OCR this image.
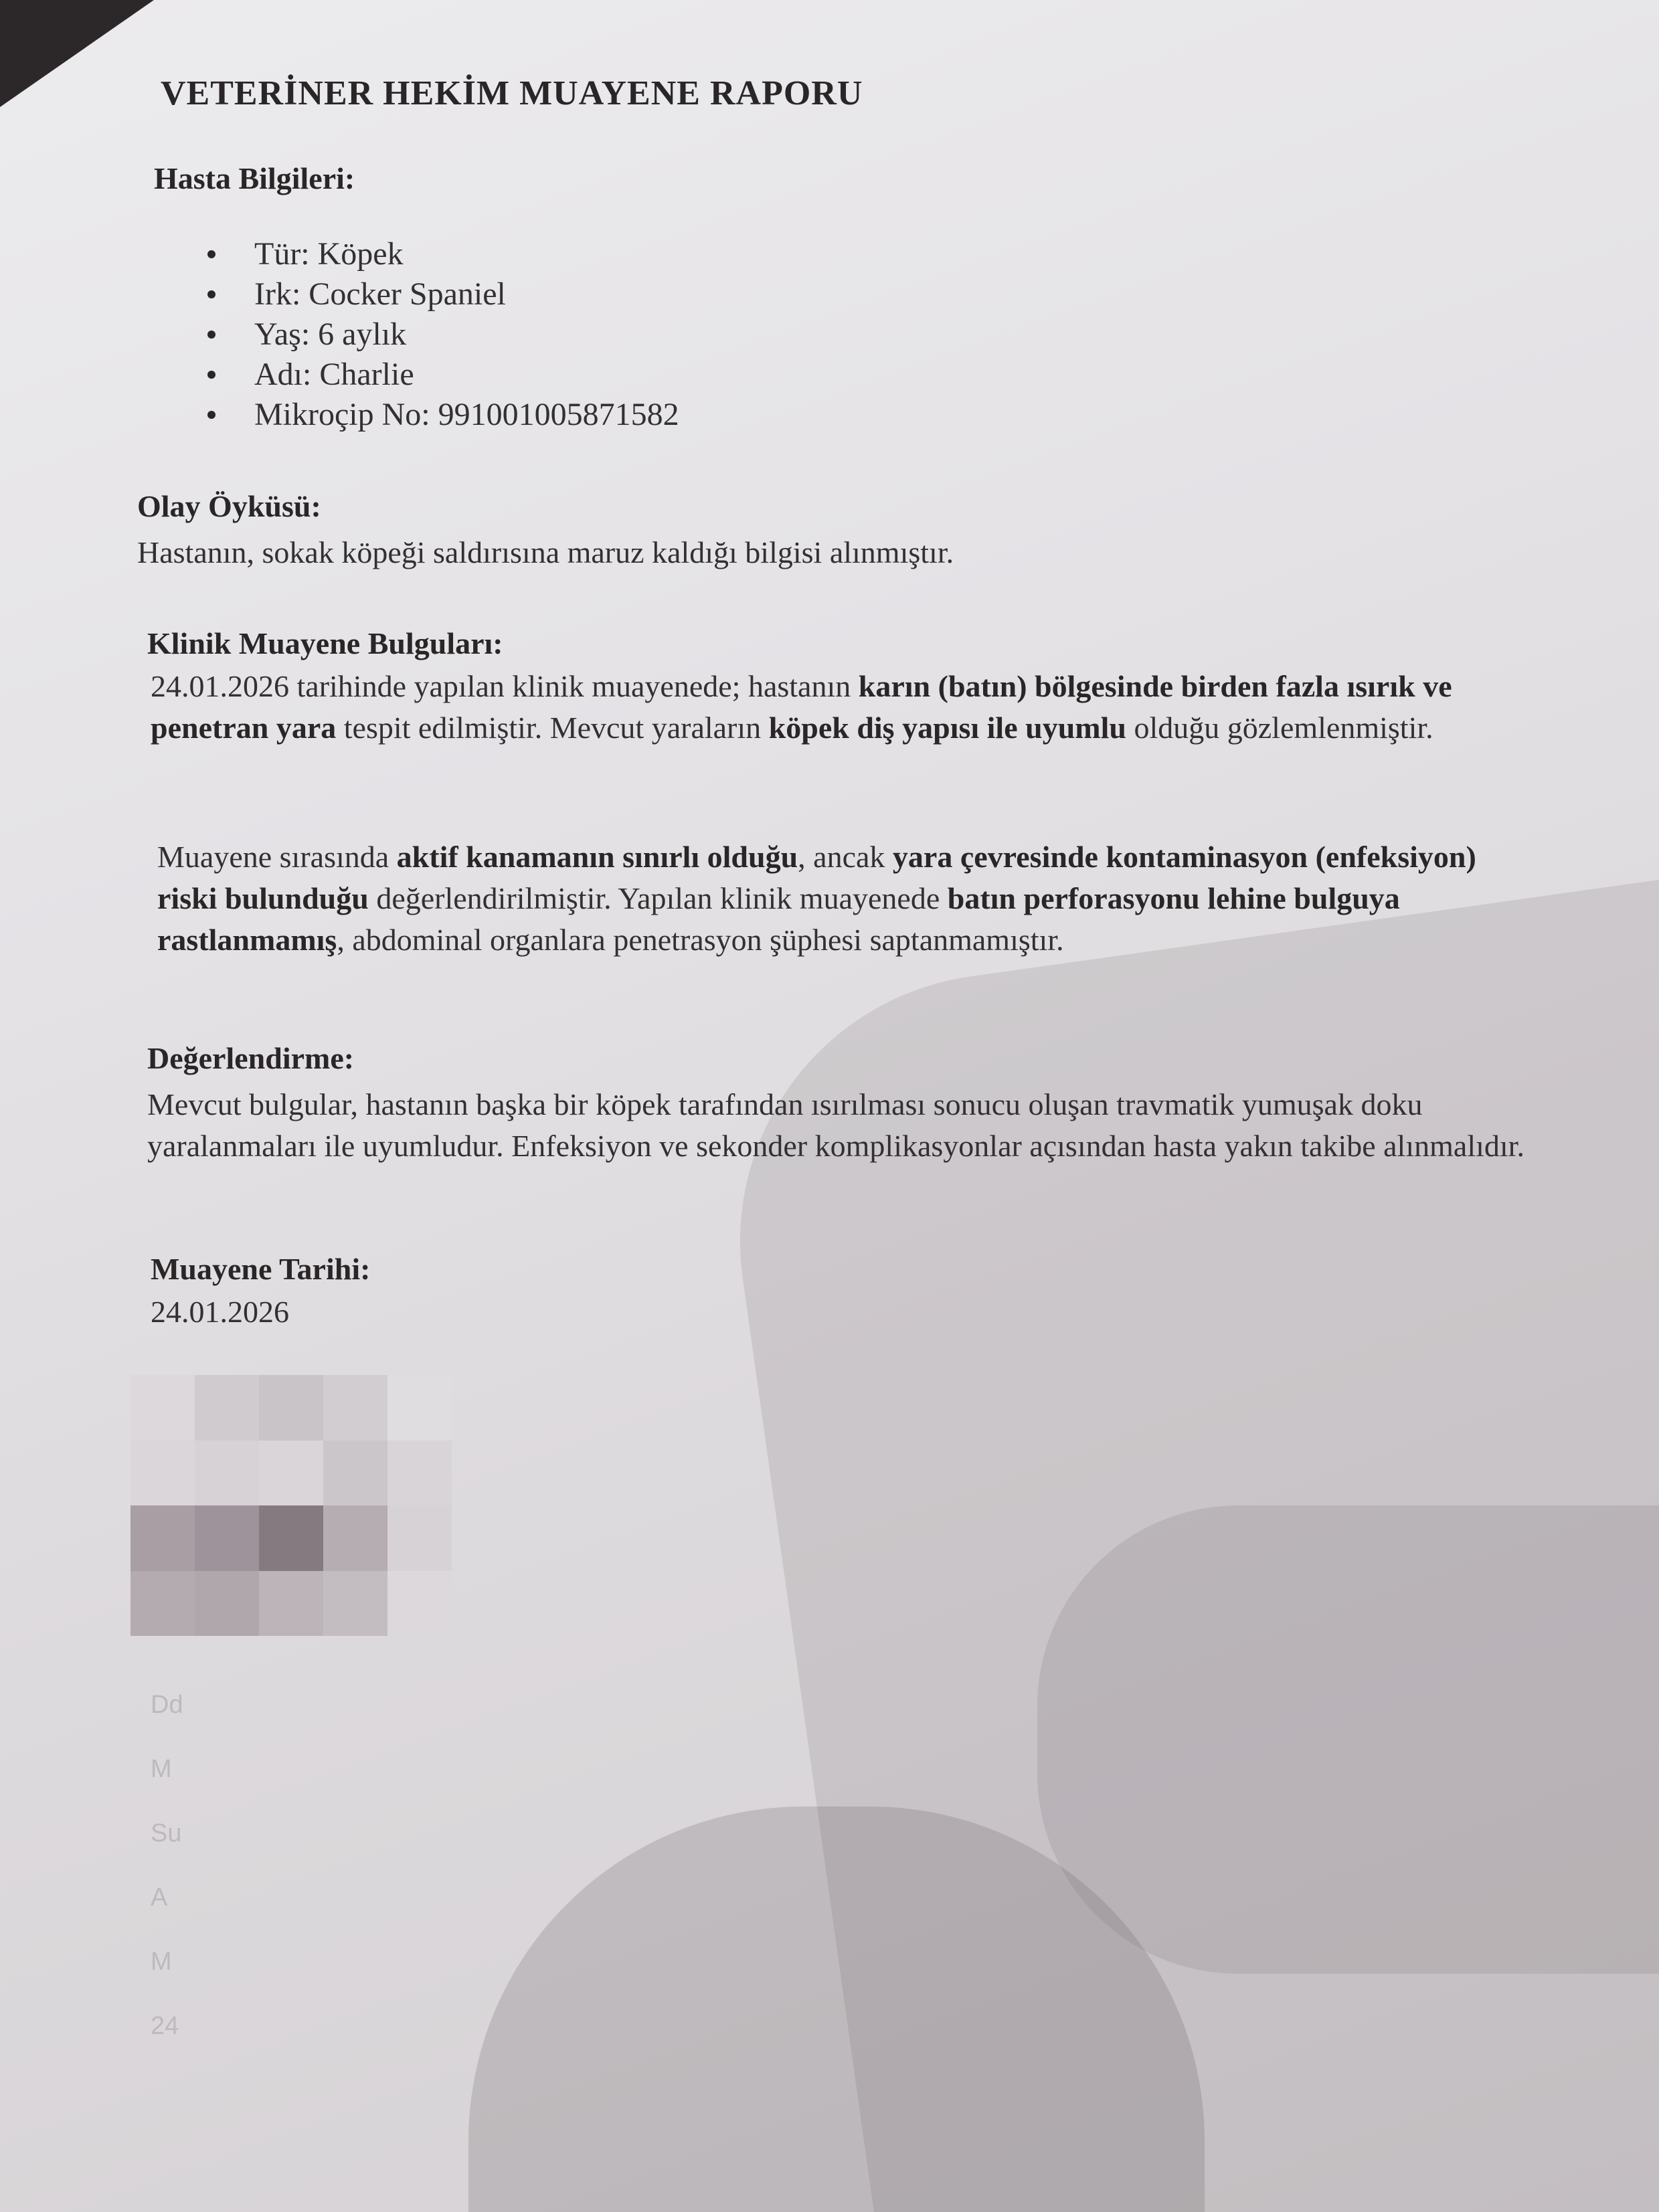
VETERİNER HEKİM MUAYENE RAPORU
Hasta Bilgileri:
Tür: Köpek
Irk: Cocker Spaniel
Yaş: 6 aylık
Adı: Charlie
Mikroçip No: 991001005871582
Olay Öyküsü:
Hastanın, sokak köpeği saldırısına maruz kaldığı bilgisi alınmıştır.
Klinik Muayene Bulguları:
24.01.2026 tarihinde yapılan klinik muayenede; hastanın karın (batın) bölgesinde birden fazla ısırık ve penetran yara tespit edilmiştir. Mevcut yaraların köpek diş yapısı ile uyumlu olduğu gözlemlenmiştir.
Muayene sırasında aktif kanamanın sınırlı olduğu, ancak yara çevresinde kontaminasyon (enfeksiyon) riski bulunduğu değerlendirilmiştir. Yapılan klinik muayenede batın perforasyonu lehine bulguya rastlanmamış, abdominal organlara penetrasyon şüphesi saptanmamıştır.
Değerlendirme:
Mevcut bulgular, hastanın başka bir köpek tarafından ısırılması sonucu oluşan travmatik yumuşak doku yaralanmaları ile uyumludur. Enfeksiyon ve sekonder komplikasyonlar açısından hasta yakın takibe alınmalıdır.
Muayene Tarihi:
24.01.2026
Dd
M
Su
A
M
24
